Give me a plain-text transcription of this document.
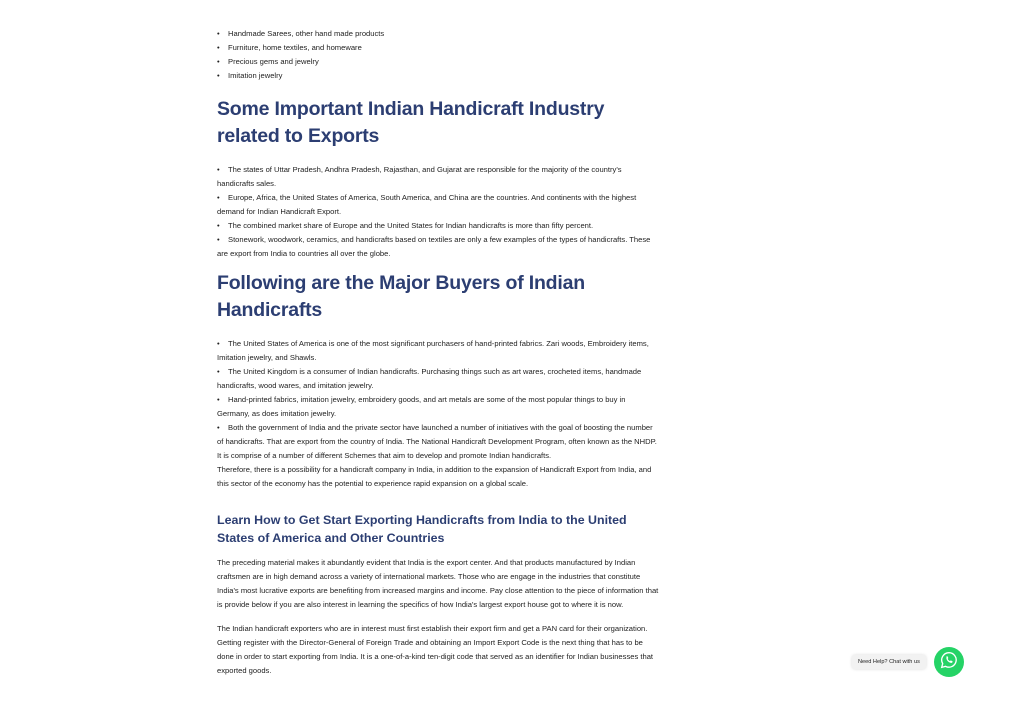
• Handmade Sarees, other hand made products
• Furniture, home textiles, and homeware
• Precious gems and jewelry
• Imitation jewelry
Some Important Indian Handicraft Industry related to Exports
• The states of Uttar Pradesh, Andhra Pradesh, Rajasthan, and Gujarat are responsible for the majority of the country's handicrafts sales.
• Europe, Africa, the United States of America, South America, and China are the countries. And continents with the highest demand for Indian Handicraft Export.
• The combined market share of Europe and the United States for Indian handicrafts is more than fifty percent.
• Stonework, woodwork, ceramics, and handicrafts based on textiles are only a few examples of the types of handicrafts. These are export from India to countries all over the globe.
Following are the Major Buyers of Indian Handicrafts
• The United States of America is one of the most significant purchasers of hand-printed fabrics. Zari woods, Embroidery items, Imitation jewelry, and Shawls.
• The United Kingdom is a consumer of Indian handicrafts. Purchasing things such as art wares, crocheted items, handmade handicrafts, wood wares, and imitation jewelry.
• Hand-printed fabrics, imitation jewelry, embroidery goods, and art metals are some of the most popular things to buy in Germany, as does imitation jewelry.
• Both the government of India and the private sector have launched a number of initiatives with the goal of boosting the number of handicrafts. That are export from the country of India. The National Handicraft Development Program, often known as the NHDP. It is comprise of a number of different Schemes that aim to develop and promote Indian handicrafts.

Therefore, there is a possibility for a handicraft company in India, in addition to the expansion of Handicraft Export from India, and this sector of the economy has the potential to experience rapid expansion on a global scale.

Learn How to Get Start Exporting Handicrafts from India to the United States of America and Other Countries

The preceding material makes it abundantly evident that India is the export center. And that products manufactured by Indian craftsmen are in high demand across a variety of international markets. Those who are engage in the industries that constitute India's most lucrative exports are benefiting from increased margins and income. Pay close attention to the piece of information that is provide below if you are also interest in learning the specifics of how India's largest export house got to where it is now.

The Indian handicraft exporters who are in interest must first establish their export firm and get a PAN card for their organization. Getting register with the Director-General of Foreign Trade and obtaining an Import Export Code is the next thing that has to be done in order to start exporting from India. It is a one-of-a-kind ten-digit code that served as an identifier for Indian businesses that exported goods.

Need Help? Chat with us
